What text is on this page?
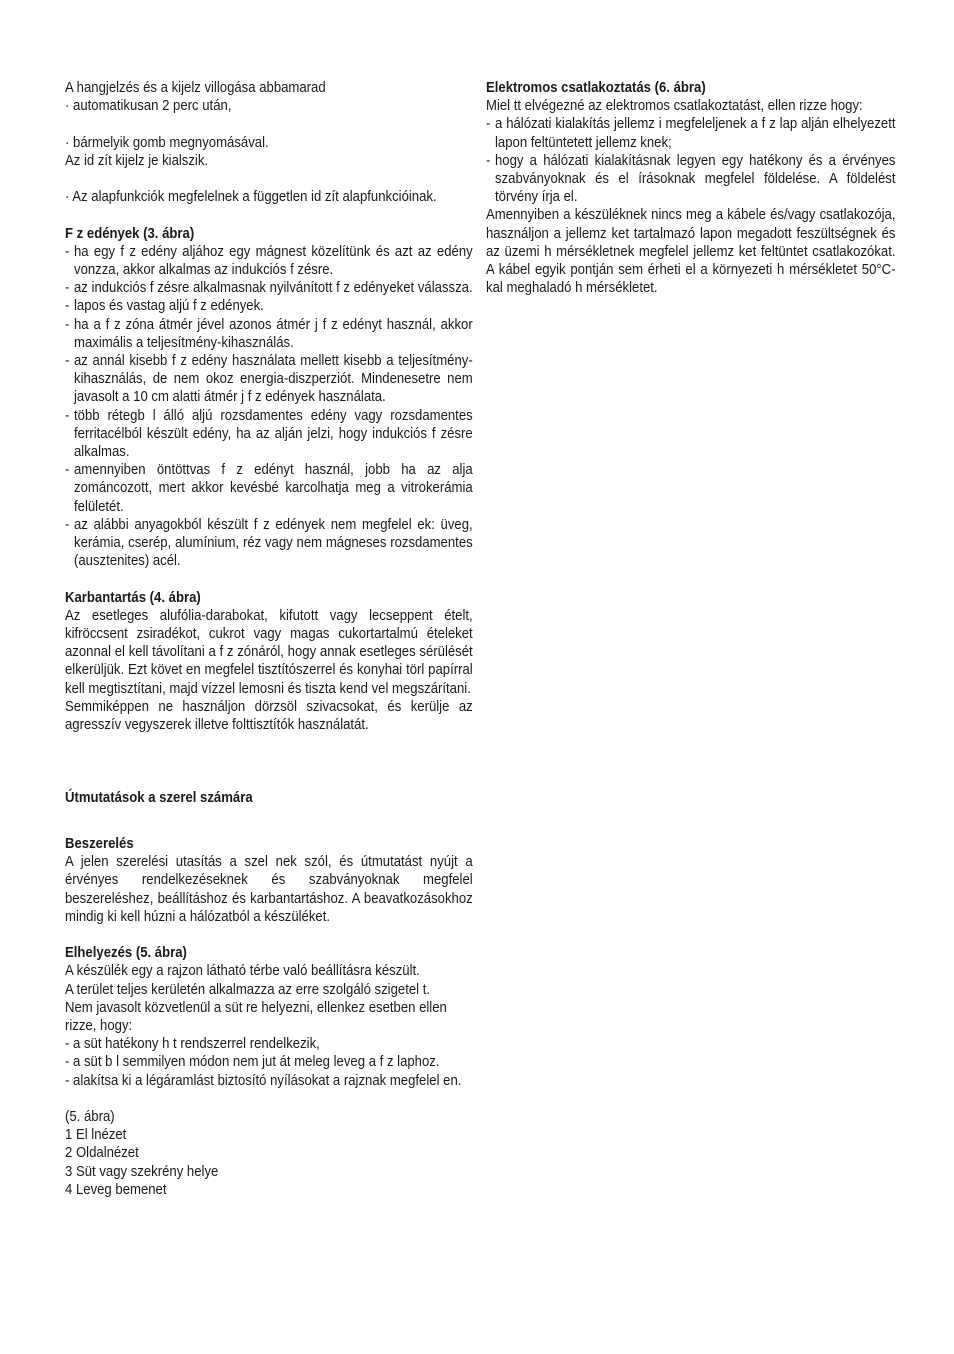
A hangjelzés és a kijelz villogása abbamarad
· automatikusan 2 perc után,
· bármelyik gomb megnyomásával.
Az id zít kijelz je kialszik.
· Az alapfunkciók megfelelnek a független id zít alapfunkcióinak.
F z edények (3. ábra)
- ha egy f z edény aljához egy mágnest közelítünk és azt az edény vonzza, akkor alkalmas az indukciós f zésre.
- az indukciós f zésre alkalmasnak nyilvánított f z edényeket válassza.
- lapos és vastag aljú f z edények.
- ha a f z zóna átmér jével azonos átmér j f z edényt használ, akkor maximális a teljesítmény-kihasználás.
- az annál kisebb f z edény használata mellett kisebb a teljesítmény-kihasználás, de nem okoz energia-diszperziót. Mindenesetre nem javasolt a 10 cm alatti átmér j f z edények használata.
- több rétegb l álló aljú rozsdamentes edény vagy rozsdamentes ferritacélból készült edény, ha az alján jelzi, hogy indukciós f zésre alkalmas.
- amennyiben öntöttvas f z edényt használ, jobb ha az alja zománcozott, mert akkor kevésbé karcolhatja meg a vitrokerámia felületét.
- az alábbi anyagokból készült f z edények nem megfelel ek: üveg, kerámia, cserép, alumínium, réz vagy nem mágneses rozsdamentes (ausztenites) acél.
Karbantartás (4. ábra)
Az esetleges alufólia-darabokat, kifutott vagy lecseppent ételt, kifröccsent zsiradékot, cukrot vagy magas cukortartalmú ételeket azonnal el kell távolítani a f z zónáról, hogy annak esetleges sérülését elkerüljük. Ezt követ en megfelel tisztítószerrel és konyhai törl papírral kell megtisztítani, majd vízzel lemosni és tiszta kend vel megszárítani.
Semmiképpen ne használjon dörzsöl szivacsokat, és kerülje az agresszív vegyszerek illetve folttisztítók használatát.
Útmutatások a szerel számára
Beszerelés
A jelen szerelési utasítás a szel nek szól, és útmutatást nyújt a érvényes rendelkezéseknek és szabványoknak megfelel beszereléshez, beállításhoz és karbantartáshoz. A beavatkozásokhoz mindig ki kell húzni a hálózatból a készüléket.
Elhelyezés (5. ábra)
A készülék egy a rajzon látható térbe való beállításra készült.
A terület teljes kerületén alkalmazza az erre szolgáló szigetel t.
Nem javasolt közvetlenül a süt re helyezni, ellenkez esetben ellen
rizze, hogy:
- a süt hatékony h t rendszerrel rendelkezik,
- a süt b l semmilyen módon nem jut át meleg leveg a f z laphoz.
- alakítsa ki a légáramlást biztosító nyílásokat a rajznak megfelel en.
(5. ábra)
1 El lnézet
2 Oldalnézet
3 Süt vagy szekrény helye
4 Leveg bemenet
Elektromos csatlakoztatás (6. ábra)
Miel tt elvégezné az elektromos csatlakoztatást, ellen rizze hogy:
- a hálózati kialakítás jellemz i megfeleljenek a f z lap alján elhelyezett lapon feltüntetett jellemz knek;
- hogy a hálózati kialakításnak legyen egy hatékony és a érvényes szabványoknak és el írásoknak megfelel földelése. A földelést törvény írja el.
Amennyiben a készüléknek nincs meg a kábele és/vagy csatlakozója, használjon a jellemz ket tartalmazó lapon megadott feszültségnek és az üzemi h mérsékletnek megfelel jellemz ket feltüntet csatlakozókat. A kábel egyik pontján sem érheti el a környezeti h mérsékletet 50°C-kal meghaladó h mérsékletet.
